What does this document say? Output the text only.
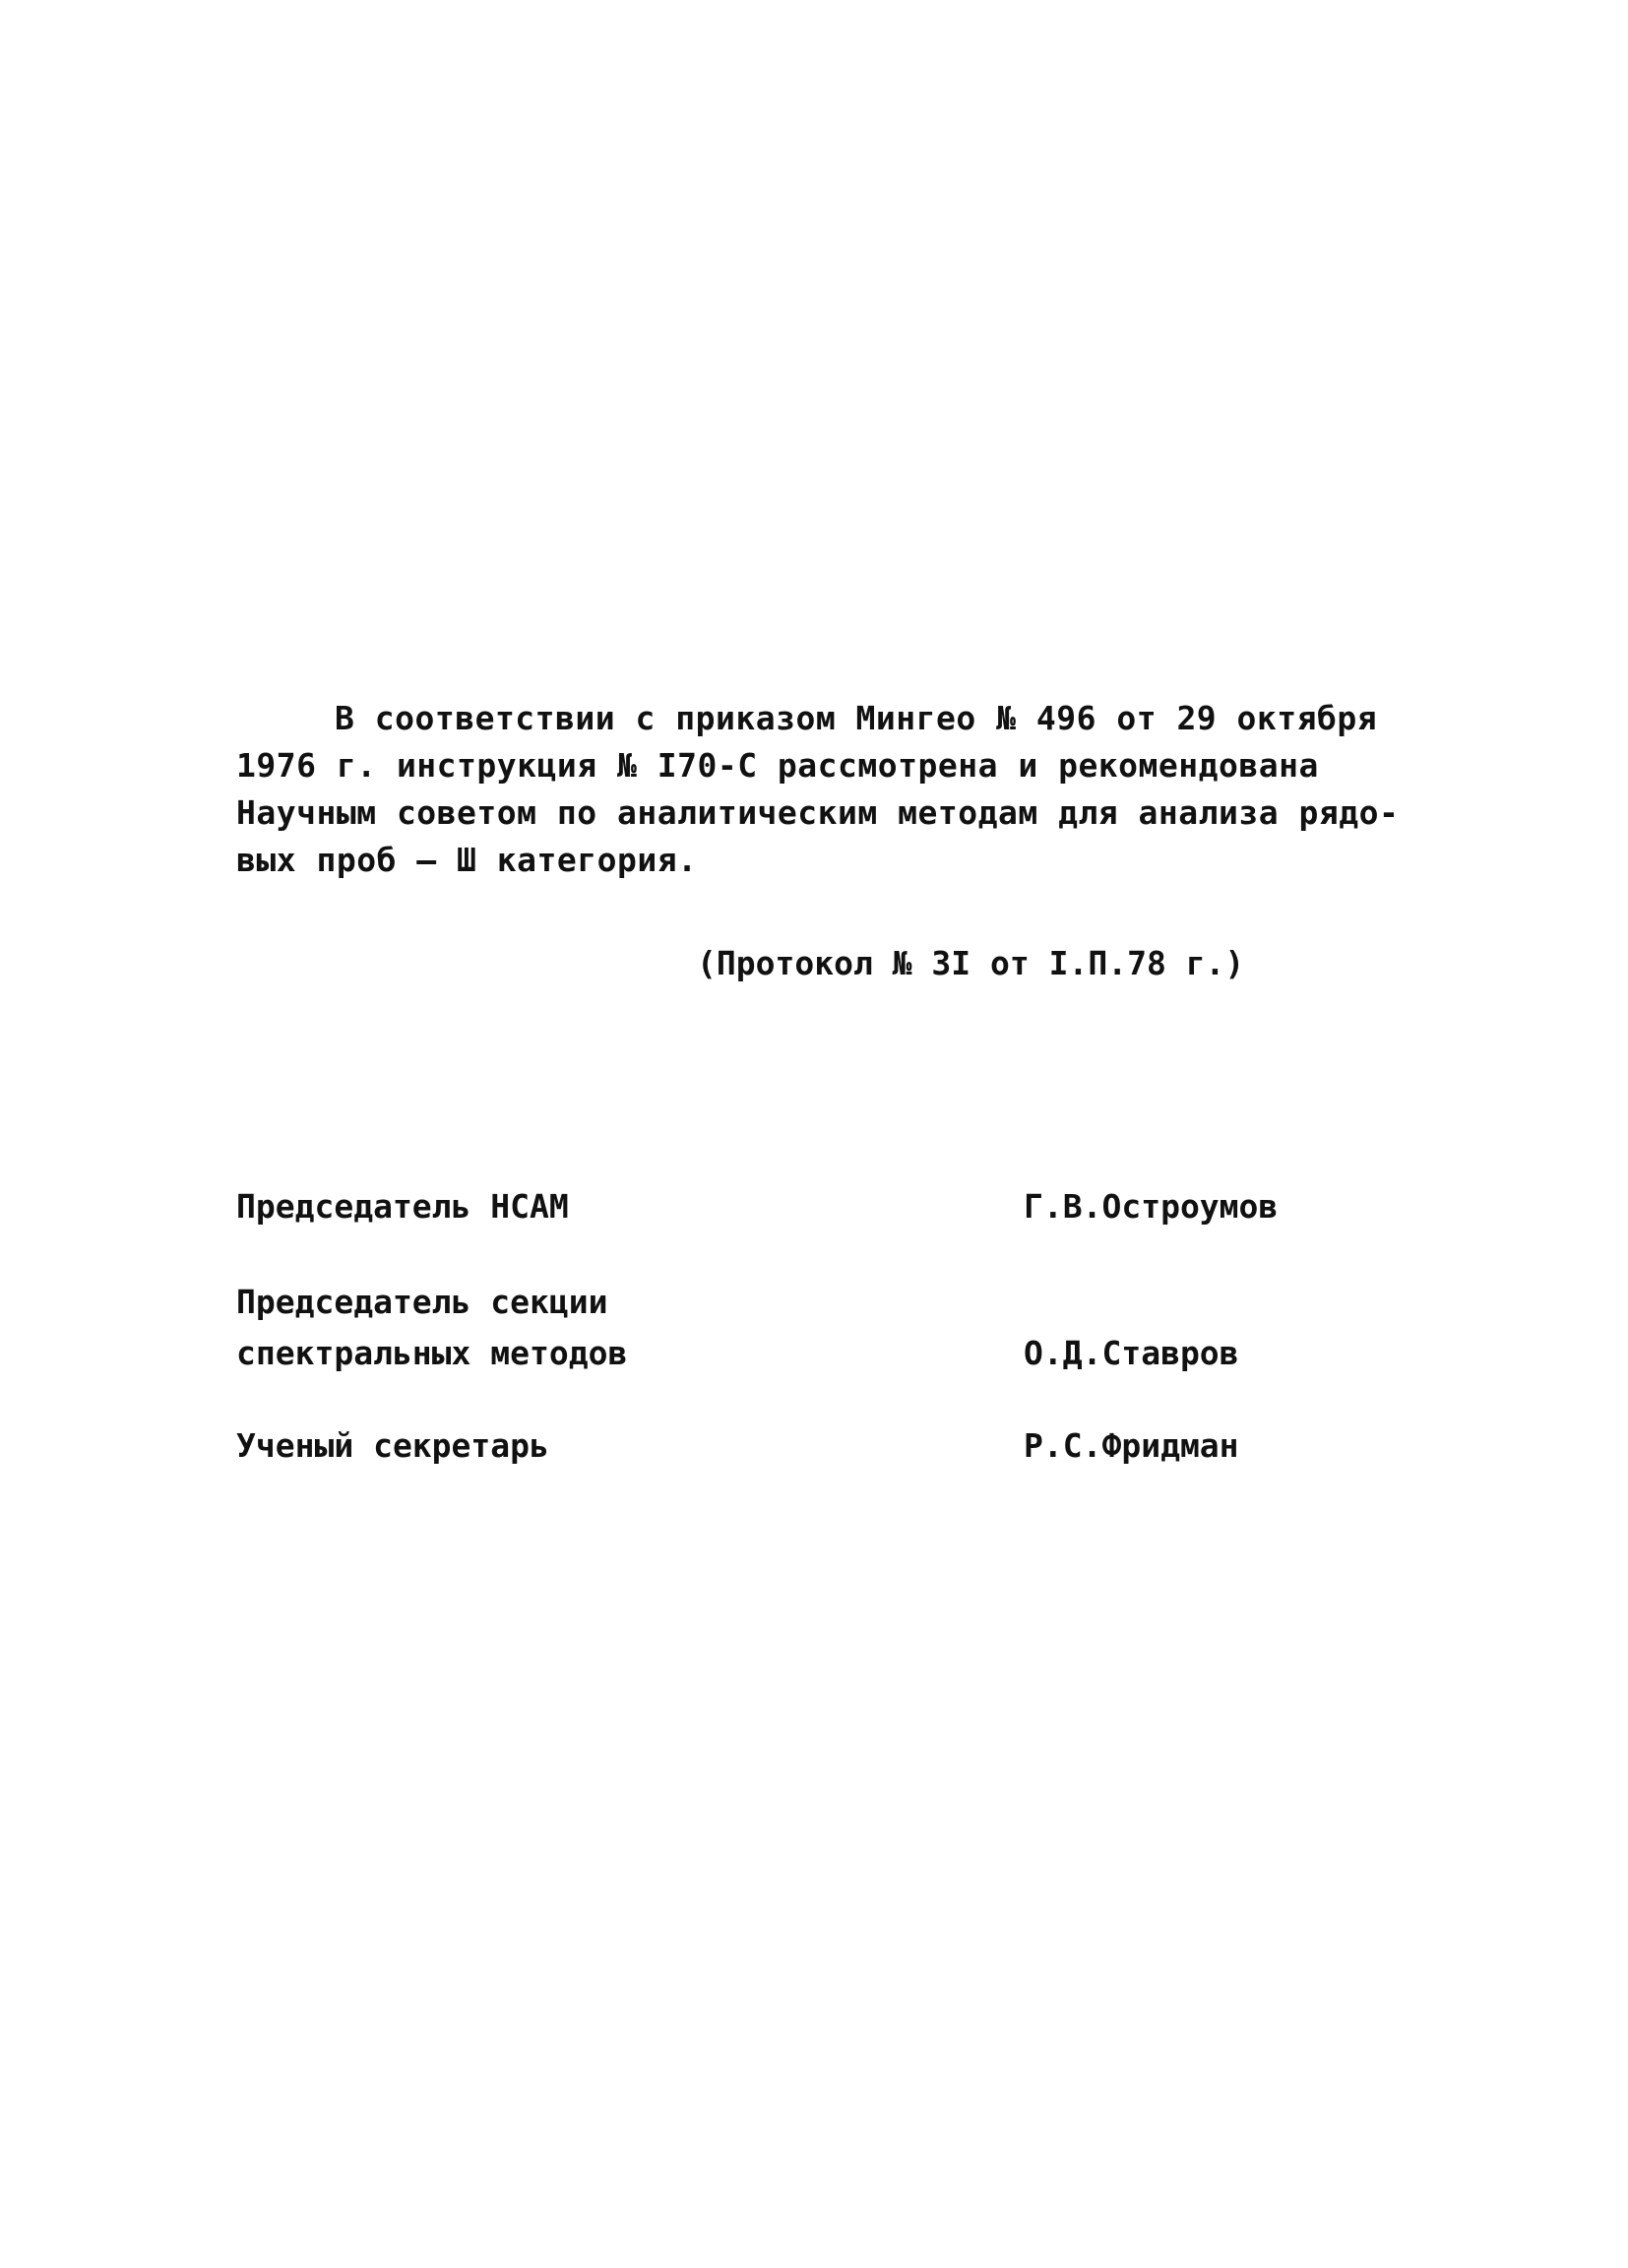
В соответствии с приказом Мингео № 496 от 29 октября
1976 г. инструкция № I70-С рассмотрена и рекомендована
Научным советом по аналитическим методам для анализа рядо-
вых проб – Ш категория.
(Протокол № 3I от I.П.78 г.)
Председатель НСАМ	Г.В.Остроумов
Председатель секции
спектральных методов	О.Д.Ставров
Ученый секретарь	Р.С.Фридман
